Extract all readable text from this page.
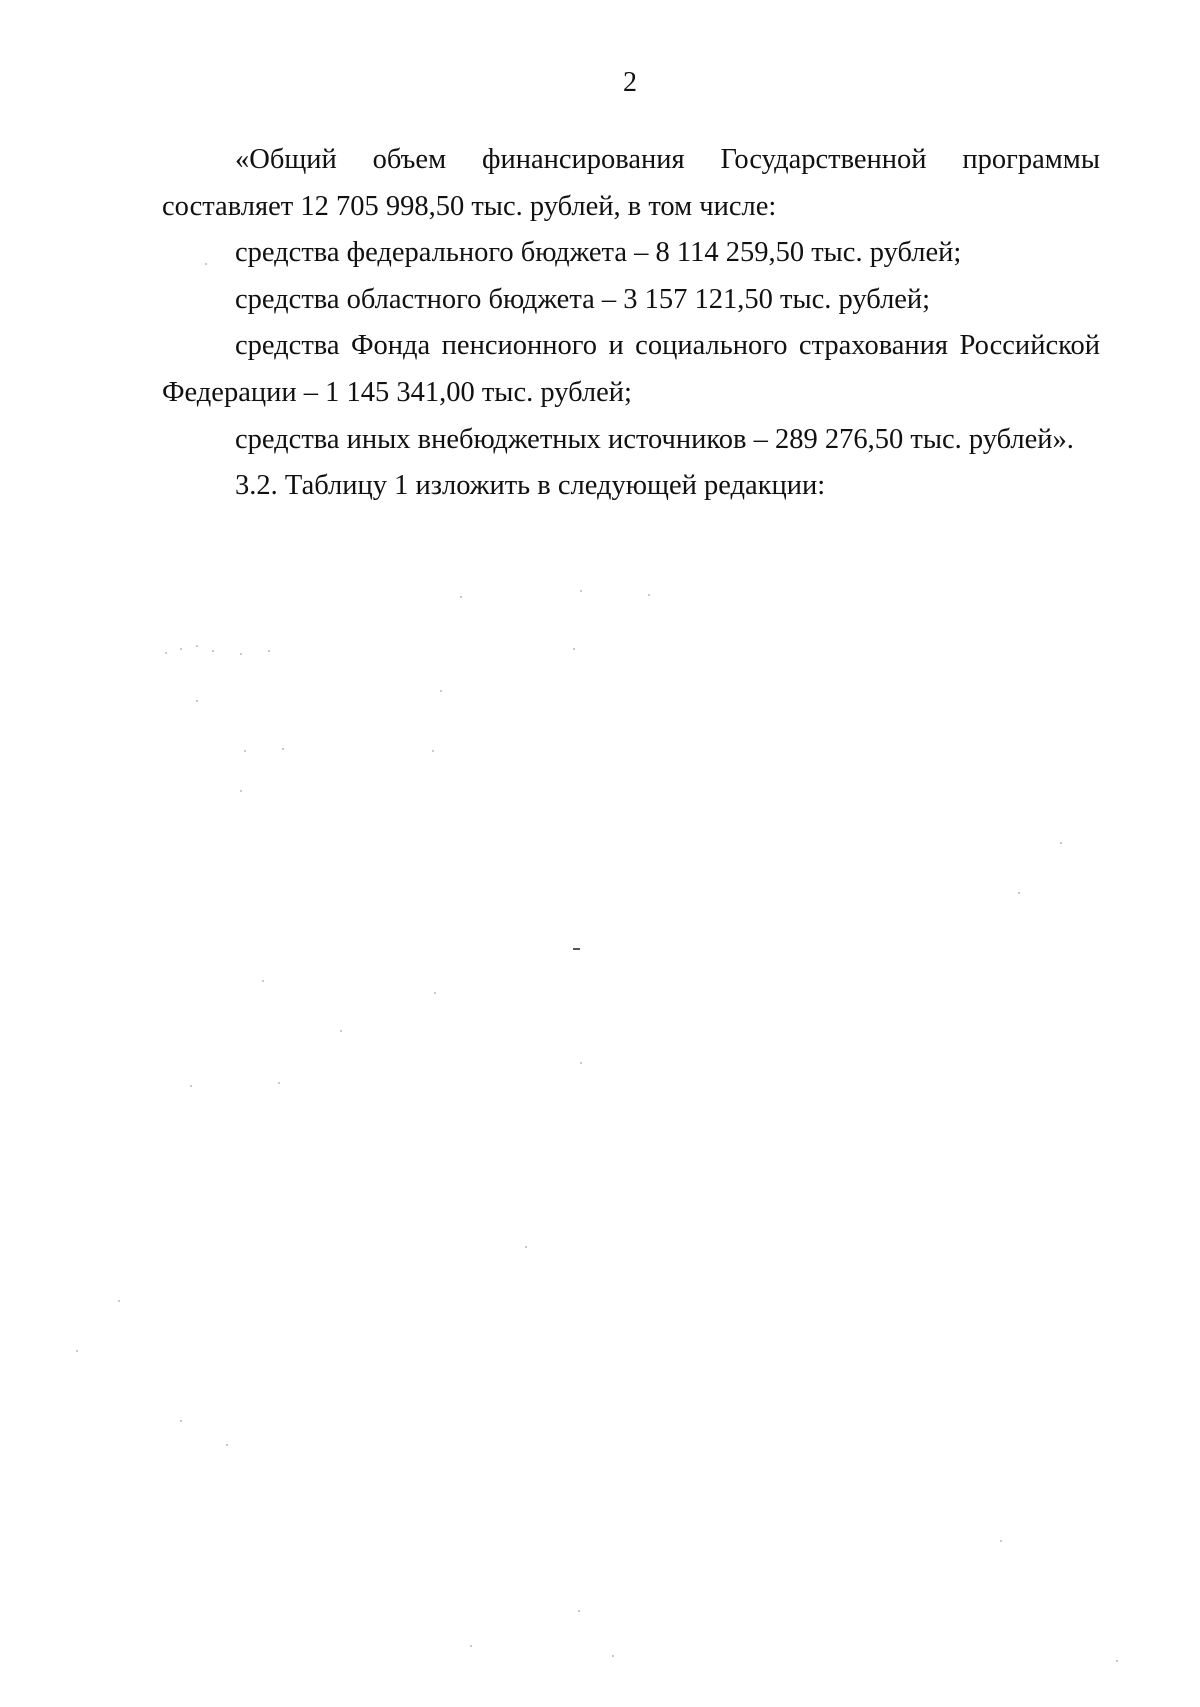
2

«Общий объем финансирования Государственной программы составляет 12 705 998,50 тыс. рублей, в том числе:

средства федерального бюджета – 8 114 259,50 тыс. рублей;

средства областного бюджета – 3 157 121,50 тыс. рублей;

средства Фонда пенсионного и социального страхования Российской Федерации – 1 145 341,00 тыс. рублей;

средства иных внебюджетных источников – 289 276,50 тыс. рублей».

3.2. Таблицу 1 изложить в следующей редакции:
